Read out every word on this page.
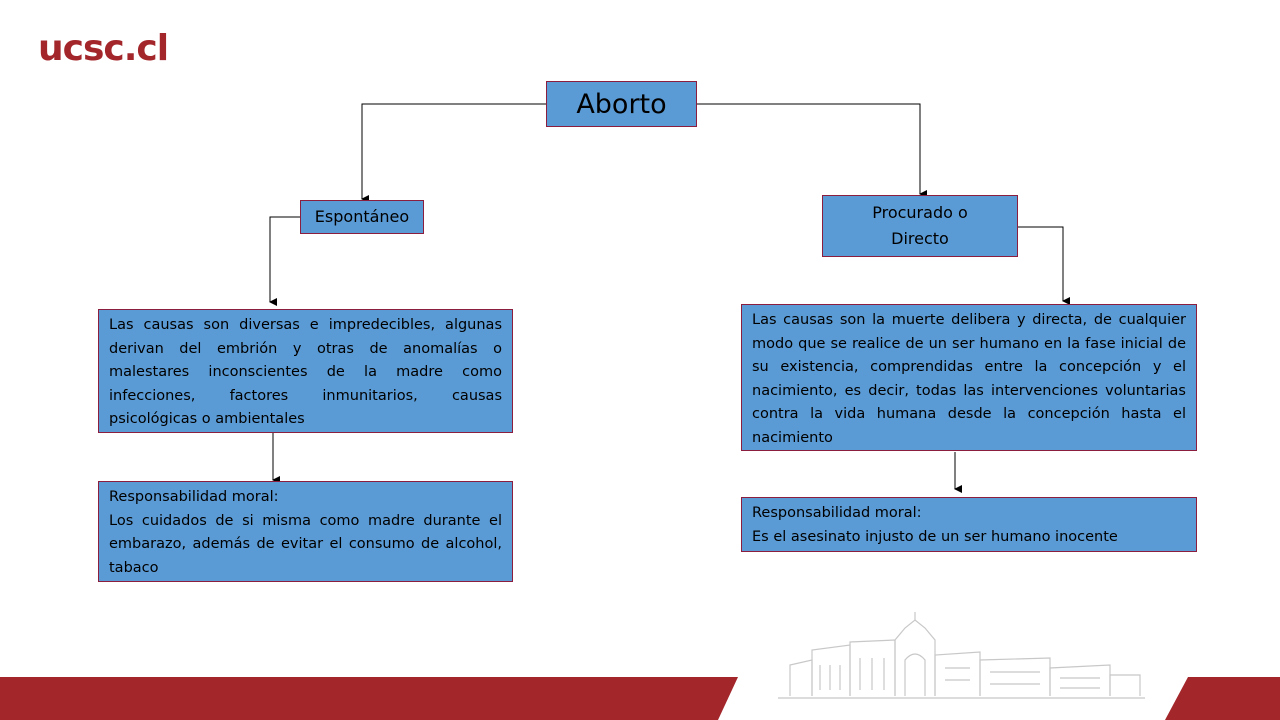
ucsc.cl
Aborto
Espontáneo	Procurado o
Directo
Las causas son diversas e impredecibles, algunas derivan del embrión y otras de anomalías o malestares inconscientes de la madre como infecciones, factores inmunitarios, causas psicológicas o ambientales
Las causas son la muerte delibera y directa, de cualquier modo que se realice de un ser humano en la fase inicial de su existencia, comprendidas entre la concepción y el nacimiento, es decir, todas las intervenciones voluntarias contra la vida humana desde la concepción hasta el nacimiento
Responsabilidad moral:
Los cuidados de si misma como madre durante el embarazo, además de evitar el consumo de alcohol, tabaco
Responsabilidad moral:
Es el asesinato injusto de un ser humano inocente
